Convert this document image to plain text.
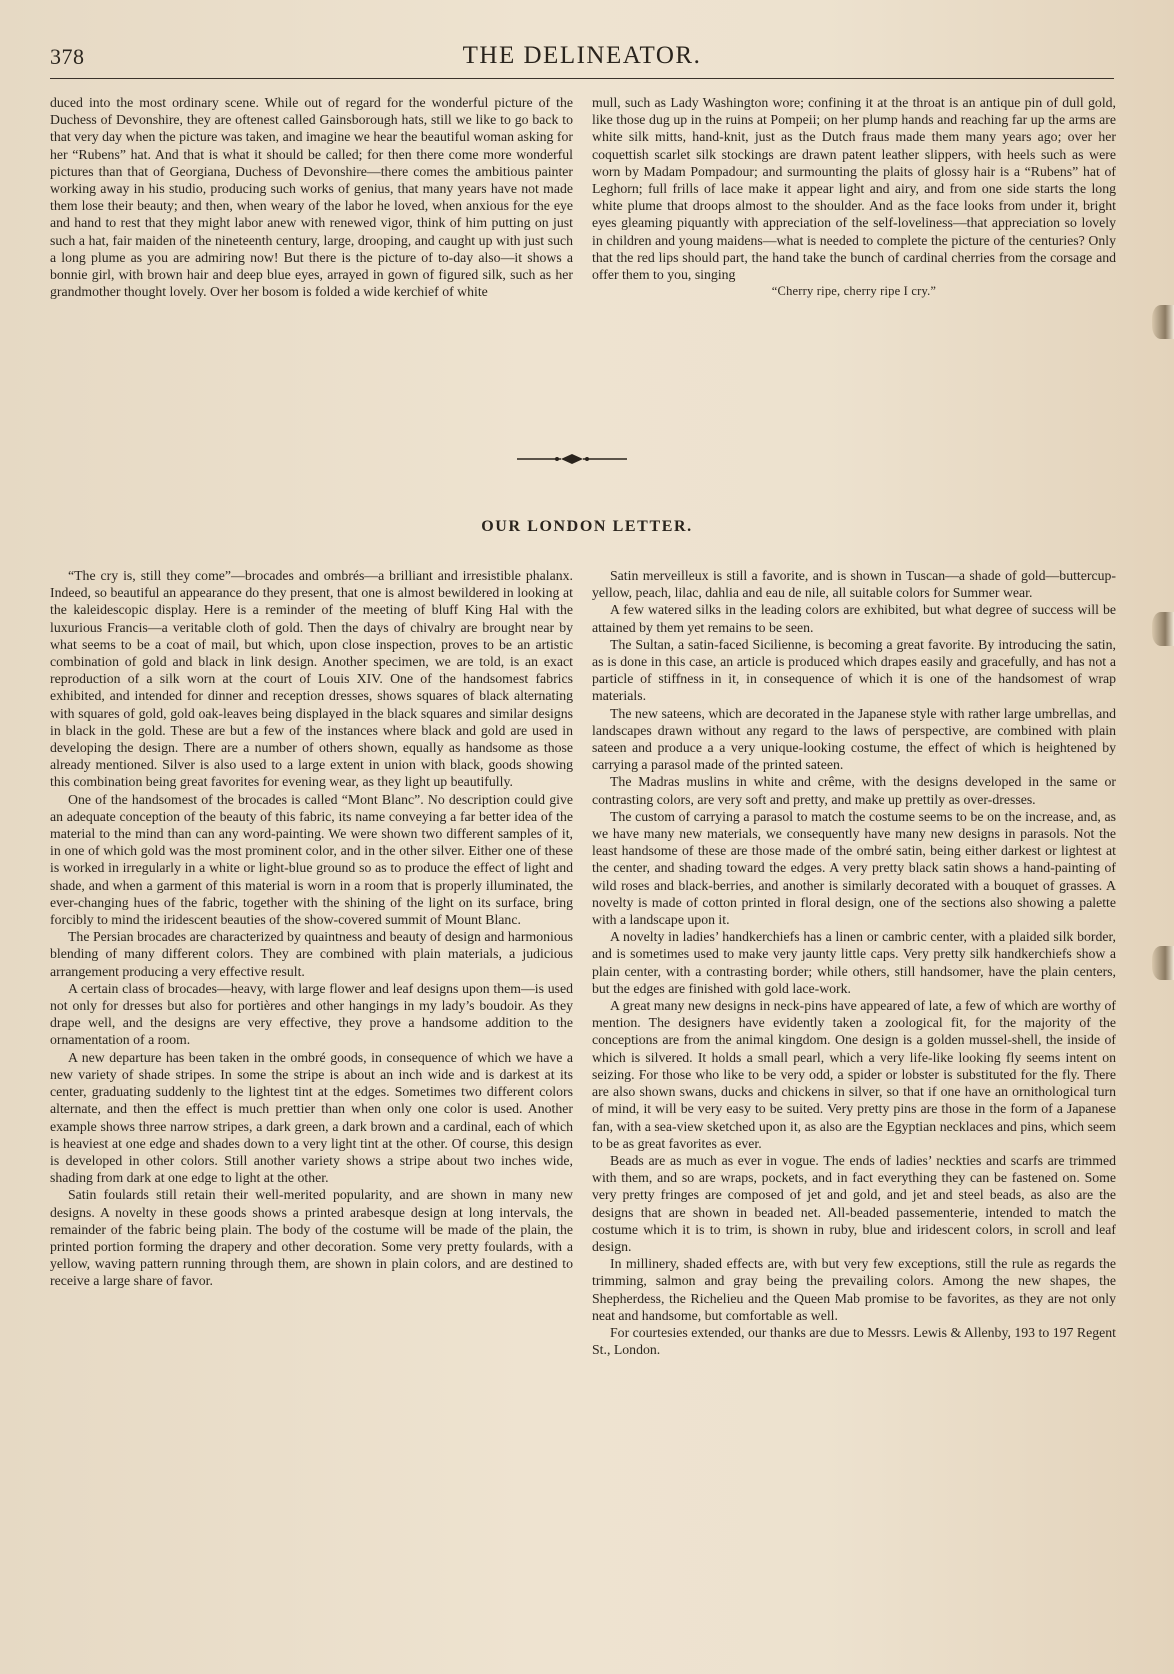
378	THE DELINEATOR.

duced into the most ordinary scene. While out of regard for the wonderful picture of the Duchess of Devonshire, they are oftenest called Gainsborough hats, still we like to go back to that very day when the picture was taken, and imagine we hear the beautiful woman asking for her “Rubens” hat. And that is what it should be called; for then there come more wonderful pictures than that of Georgiana, Duchess of Devonshire—there comes the ambitious painter working away in his studio, producing such works of genius, that many years have not made them lose their beauty; and then, when weary of the labor he loved, when anxious for the eye and hand to rest that they might labor anew with renewed vigor, think of him putting on just such a hat, fair maiden of the nineteenth century, large, drooping, and caught up with just such a long plume as you are admiring now! But there is the picture of to-day also—it shows a bonnie girl, with brown hair and deep blue eyes, arrayed in gown of figured silk, such as her grandmother thought lovely. Over her bosom is folded a wide kerchief of white

mull, such as Lady Washington wore; confining it at the throat is an antique pin of dull gold, like those dug up in the ruins at Pompeii; on her plump hands and reaching far up the arms are white silk mitts, hand-knit, just as the Dutch fraus made them many years ago; over her coquettish scarlet silk stockings are drawn patent leather slippers, with heels such as were worn by Madam Pompadour; and surmounting the plaits of glossy hair is a “Rubens” hat of Leghorn; full frills of lace make it appear light and airy, and from one side starts the long white plume that droops almost to the shoulder. And as the face looks from under it, bright eyes gleaming piquantly with appreciation of the self-loveliness—that appreciation so lovely in children and young maidens—what is needed to complete the picture of the centuries? Only that the red lips should part, the hand take the bunch of cardinal cherries from the corsage and offer them to you, singing

“Cherry ripe, cherry ripe I cry.”

OUR LONDON LETTER.

“The cry is, still they come”—brocades and ombrés—a brilliant and irresistible phalanx. Indeed, so beautiful an appearance do they present, that one is almost bewildered in looking at the kaleidescopic display. Here is a reminder of the meeting of bluff King Hal with the luxurious Francis—a veritable cloth of gold. Then the days of chivalry are brought near by what seems to be a coat of mail, but which, upon close inspection, proves to be an artistic combination of gold and black in link design. Another specimen, we are told, is an exact reproduction of a silk worn at the court of Louis XIV. One of the handsomest fabrics exhibited, and intended for dinner and reception dresses, shows squares of black alternating with squares of gold, gold oak-leaves being displayed in the black squares and similar designs in black in the gold. These are but a few of the instances where black and gold are used in developing the design. There are a number of others shown, equally as handsome as those already mentioned. Silver is also used to a large extent in union with black, goods showing this combination being great favorites for evening wear, as they light up beautifully.

One of the handsomest of the brocades is called “Mont Blanc”. No description could give an adequate conception of the beauty of this fabric, its name conveying a far better idea of the material to the mind than can any word-painting. We were shown two different samples of it, in one of which gold was the most prominent color, and in the other silver. Either one of these is worked in irregularly in a white or light-blue ground so as to produce the effect of light and shade, and when a garment of this material is worn in a room that is properly illuminated, the ever-changing hues of the fabric, together with the shining of the light on its surface, bring forcibly to mind the iridescent beauties of the show-covered summit of Mount Blanc.

The Persian brocades are characterized by quaintness and beauty of design and harmonious blending of many different colors. They are combined with plain materials, a judicious arrangement producing a very effective result.

A certain class of brocades—heavy, with large flower and leaf designs upon them—is used not only for dresses but also for portières and other hangings in my lady’s boudoir. As they drape well, and the designs are very effective, they prove a handsome addition to the ornamentation of a room.

A new departure has been taken in the ombré goods, in consequence of which we have a new variety of shade stripes. In some the stripe is about an inch wide and is darkest at its center, graduating suddenly to the lightest tint at the edges. Sometimes two different colors alternate, and then the effect is much prettier than when only one color is used. Another example shows three narrow stripes, a dark green, a dark brown and a cardinal, each of which is heaviest at one edge and shades down to a very light tint at the other. Of course, this design is developed in other colors. Still another variety shows a stripe about two inches wide, shading from dark at one edge to light at the other.

Satin foulards still retain their well-merited popularity, and are shown in many new designs. A novelty in these goods shows a printed arabesque design at long intervals, the remainder of the fabric being plain. The body of the costume will be made of the plain, the printed portion forming the drapery and other decoration. Some very pretty foulards, with a yellow, waving pattern running through them, are shown in plain colors, and are destined to receive a large share of favor.

Satin merveilleux is still a favorite, and is shown in Tuscan—a shade of gold—buttercup-yellow, peach, lilac, dahlia and eau de nile, all suitable colors for Summer wear.

A few watered silks in the leading colors are exhibited, but what degree of success will be attained by them yet remains to be seen.

The Sultan, a satin-faced Sicilienne, is becoming a great favorite. By introducing the satin, as is done in this case, an article is produced which drapes easily and gracefully, and has not a particle of stiffness in it, in consequence of which it is one of the handsomest of wrap materials.

The new sateens, which are decorated in the Japanese style with rather large umbrellas, and landscapes drawn without any regard to the laws of perspective, are combined with plain sateen and produce a a very unique-looking costume, the effect of which is heightened by carrying a parasol made of the printed sateen.

The Madras muslins in white and crême, with the designs developed in the same or contrasting colors, are very soft and pretty, and make up prettily as over-dresses.

The custom of carrying a parasol to match the costume seems to be on the increase, and, as we have many new materials, we consequently have many new designs in parasols. Not the least handsome of these are those made of the ombré satin, being either darkest or lightest at the center, and shading toward the edges. A very pretty black satin shows a hand-painting of wild roses and black-berries, and another is similarly decorated with a bouquet of grasses. A novelty is made of cotton printed in floral design, one of the sections also showing a palette with a landscape upon it.

A novelty in ladies’ handkerchiefs has a linen or cambric center, with a plaided silk border, and is sometimes used to make very jaunty little caps. Very pretty silk handkerchiefs show a plain center, with a contrasting border; while others, still handsomer, have the plain centers, but the edges are finished with gold lace-work.

A great many new designs in neck-pins have appeared of late, a few of which are worthy of mention. The designers have evidently taken a zoological fit, for the majority of the conceptions are from the animal kingdom. One design is a golden mussel-shell, the inside of which is silvered. It holds a small pearl, which a very life-like looking fly seems intent on seizing. For those who like to be very odd, a spider or lobster is substituted for the fly. There are also shown swans, ducks and chickens in silver, so that if one have an ornithological turn of mind, it will be very easy to be suited. Very pretty pins are those in the form of a Japanese fan, with a sea-view sketched upon it, as also are the Egyptian necklaces and pins, which seem to be as great favorites as ever.

Beads are as much as ever in vogue. The ends of ladies’ neckties and scarfs are trimmed with them, and so are wraps, pockets, and in fact everything they can be fastened on. Some very pretty fringes are composed of jet and gold, and jet and steel beads, as also are the designs that are shown in beaded net. All-beaded passementerie, intended to match the costume which it is to trim, is shown in ruby, blue and iridescent colors, in scroll and leaf design.

In millinery, shaded effects are, with but very few exceptions, still the rule as regards the trimming, salmon and gray being the prevailing colors. Among the new shapes, the Shepherdess, the Richelieu and the Queen Mab promise to be favorites, as they are not only neat and handsome, but comfortable as well.

For courtesies extended, our thanks are due to Messrs. Lewis & Allenby, 193 to 197 Regent St., London.
